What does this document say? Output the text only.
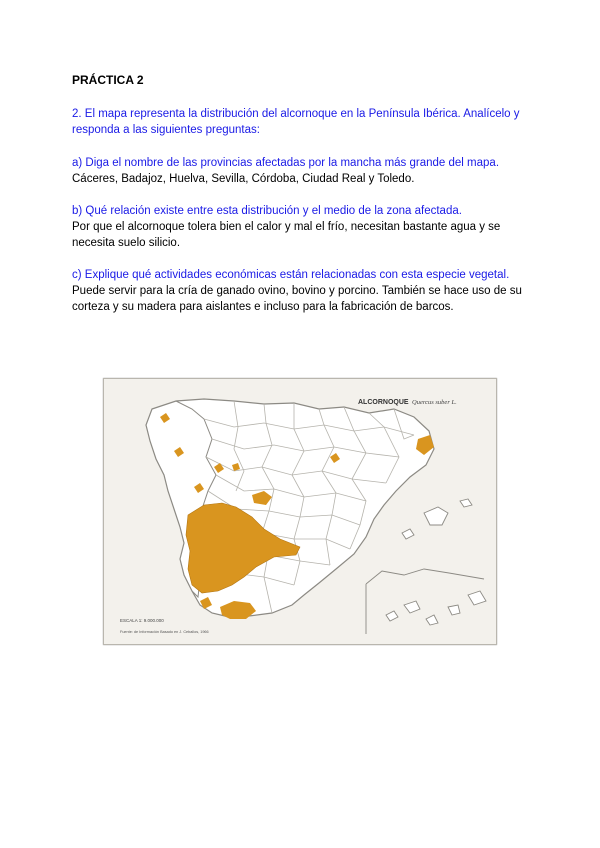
PRÁCTICA 2
2. El mapa representa la distribución del alcornoque en la Península Ibérica. Analícelo y responda a las siguientes preguntas:
a) Diga el nombre de las provincias afectadas por la mancha más grande del mapa.
Cáceres, Badajoz, Huelva, Sevilla, Córdoba, Ciudad Real y Toledo.
b) Qué relación existe entre esta distribución y el medio de la zona afectada.
Por que el alcornoque tolera bien el calor y mal el frío, necesitan bastante agua y se necesita suelo silicio.
c) Explique qué actividades económicas están relacionadas con esta especie vegetal.
Puede servir para la cría de ganado ovino, bovino y porcino. También se hace uso de su corteza y su madera para aislantes e incluso para la fabricación de barcos.
ALCORNOQUE Quercus suber L.
ESCALA 1: 9.000.000
Fuente: de Información Basado en J. Ceballos, 1966
